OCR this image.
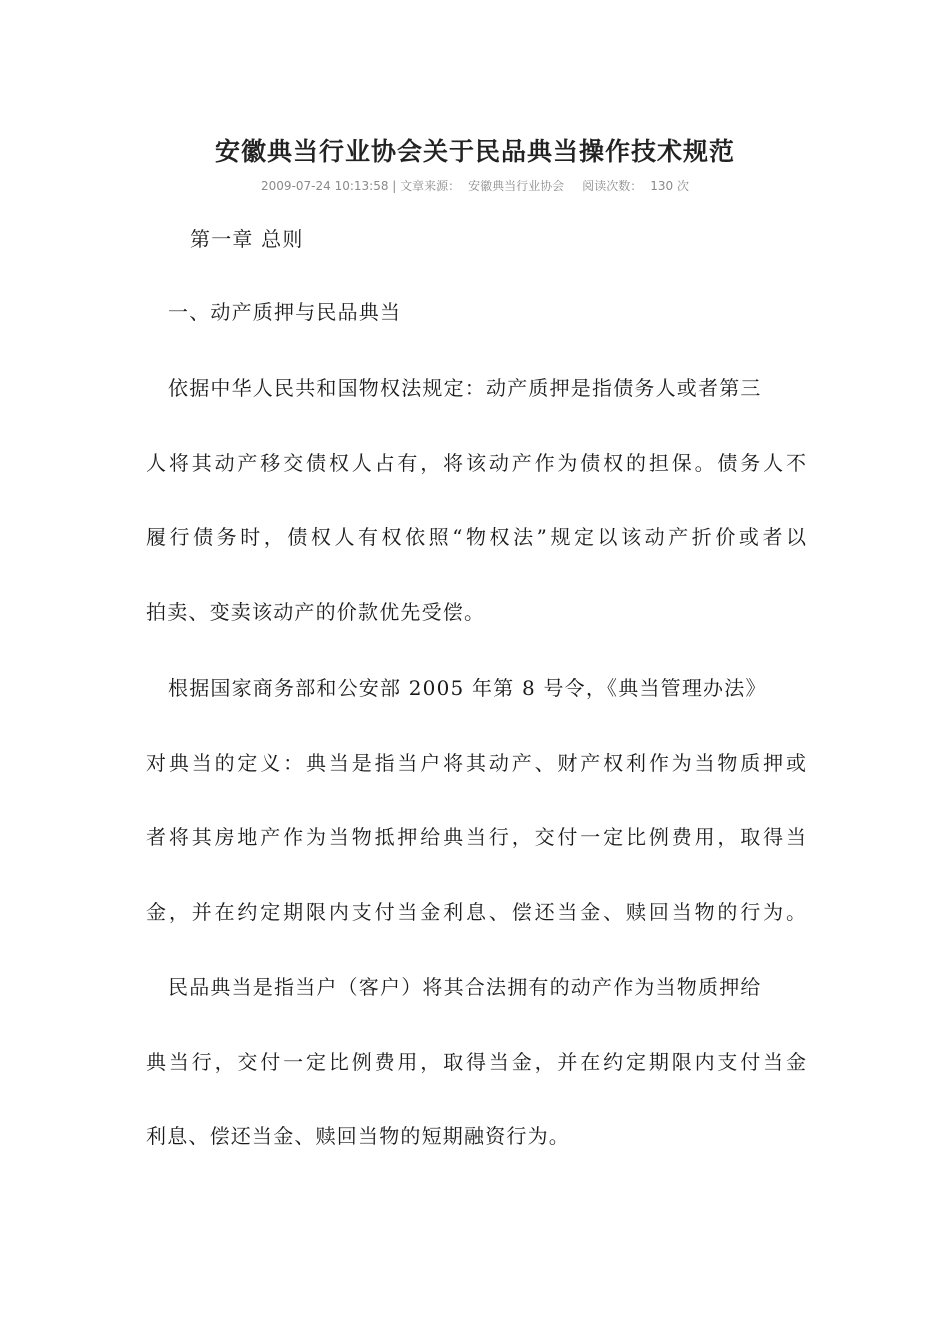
安徽典当行业协会关于民品典当操作技术规范
2009-07-24 10:13:58 | 文章来源： 安徽典当行业协会 阅读次数： 130 次
第一章 总则
一、动产质押与民品典当
依据中华人民共和国物权法规定：动产质押是指债务人或者第三
人将其动产移交债权人占有，将该动产作为债权的担保。债务人不
履行债务时，债权人有权依照“物权法”规定以该动产折价或者以
拍卖、变卖该动产的价款优先受偿。
根据国家商务部和公安部 2005 年第 8 号令，《典当管理办法》
对典当的定义：典当是指当户将其动产、财产权利作为当物质押或
者将其房地产作为当物抵押给典当行，交付一定比例费用，取得当
金，并在约定期限内支付当金利息、偿还当金、赎回当物的行为。
民品典当是指当户（客户）将其合法拥有的动产作为当物质押给
典当行，交付一定比例费用，取得当金，并在约定期限内支付当金
利息、偿还当金、赎回当物的短期融资行为。
